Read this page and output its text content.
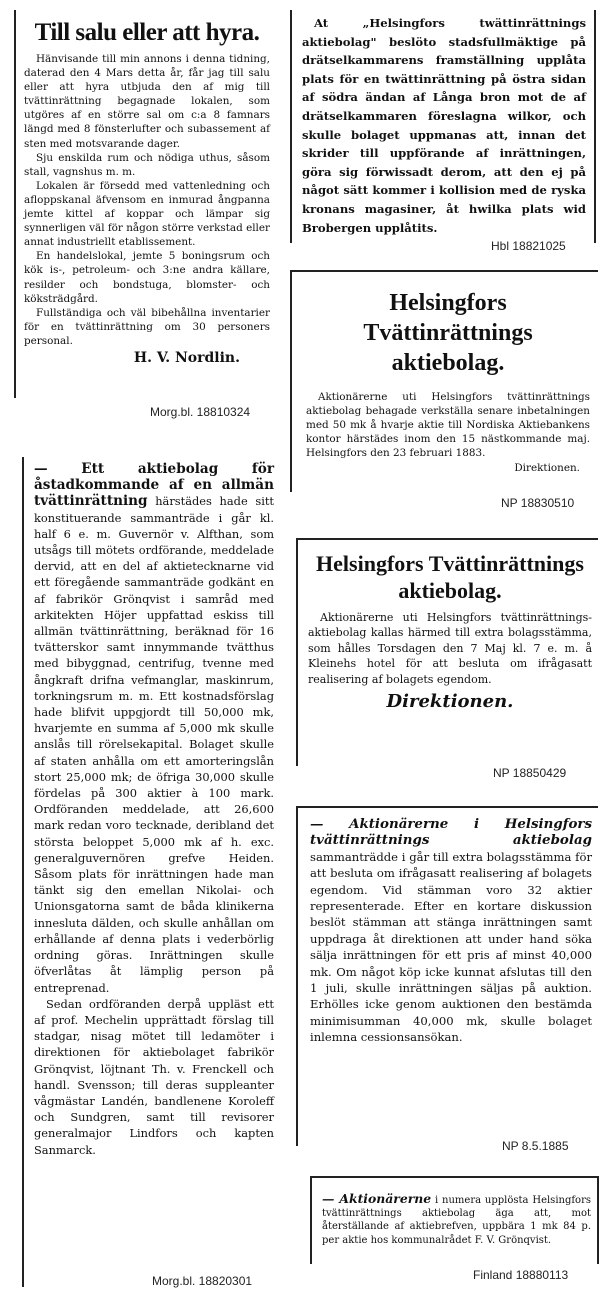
Till salu eller att hyra.

Hänvisande till min annons i denna tidning, daterad den 4 Mars detta år, får jag till salu eller att hyra utbjuda den af mig till tvättinrättning begagnade lokalen, som utgöres af en större sal om c:a 8 famnars längd med 8 fönsterlufter och subassement af sten med motsvarande dager.

Sju enskilda rum och nödiga uthus, såsom stall, vagnshus m. m.

Lokalen är försedd med vattenledning och afloppskanal äfvensom en inmurad ångpanna jemte kittel af koppar och lämpar sig synnerligen väl för någon större verkstad eller annat industriellt etablissement.

En handelslokal, jemte 5 boningsrum och kök is-, petroleum- och 3:ne andra källare, resilder och bondstuga, blomster- och köksträdgård.

Fullständiga och väl bibehållna inventarier för en tvättinrättning om 30 personers personal.

H. V. Nordlin.

Morg.bl. 18810324

At „Helsingfors twättinrättnings aktiebolag" beslöto stadsfullmäktige på drätselkammarens framställning upplåta plats för en twättinrättning på östra sidan af södra ändan af Långa bron mot de af drätselkammaren föreslagna wilkor, och skulle bolaget uppmanas att, innan det skrider till uppförande af inrättningen, göra sig förwissadt derom, att den ej på något sätt kommer i kollision med de ryska kronans magasiner, åt hwilka plats wid Brobergen upplåtits.

Hbl 18821025
Helsingfors Tvättinrättnings aktiebolag.

Aktionärerne uti Helsingfors tvättinrättnings aktiebolag behagade verkställa senare inbetalningen med 50 mk å hvarje aktie till Nordiska Aktiebankens kontor härstädes inom den 15 nästkommande maj. Helsingfors den 23 februari 1883.

Direktionen.

NP 18830510

— Ett aktiebolag för åstadkommande af en allmän tvättinrättning härstädes hade sitt konstituerande sammanträde i går kl. half 6 e. m. Guvernör v. Alfthan, som utsågs till mötets ordförande, meddelade dervid, att en del af aktietecknarne vid ett föregående sammanträde godkänt en af fabrikör Grönqvist i samråd med arkitekten Höjer uppfattad eskiss till allmän tvättinrättning, beräknad för 16 tvätterskor samt innymmande tvätthus med bibyggnad, centrifug, tvenne med ångkraft drifna vefmanglar, maskinrum, torkningsrum m. m. Ett kostnadsförslag hade blifvit uppgjordt till 50,000 mk, hvarjemte en summa af 5,000 mk skulle anslås till rörelsekapital. Bolaget skulle af staten anhålla om ett amorteringslån stort 25,000 mk; de öfriga 30,000 skulle fördelas på 300 aktier à 100 mark. Ordföranden meddelade, att 26,600 mark redan voro tecknade, deribland det största beloppet 5,000 mk af h. exc. generalguvernören grefve Heiden. Såsom plats för inrättningen hade man tänkt sig den emellan Nikolai- och Unionsgatorna samt de båda klinikerna innesluta dälden, och skulle anhållan om erhållande af denna plats i vederbörlig ordning göras. Inrättningen skulle öfverlåtas åt lämplig person på entreprenad.

Sedan ordföranden derpå uppläst ett af prof. Mechelin upprättadt förslag till stadgar, nisag mötet till ledamöter i direktionen för aktiebolaget fabrikör Grönqvist, löjtnant Th. v. Frenckell och handl. Svensson; till deras suppleanter vågmästar Landén, bandlenene Koroleff och Sundgren, samt till revisorer generalmajor Lindfors och kapten Sanmarck.

Morg.bl. 18820301
Helsingfors Tvättinrättnings aktiebolag.

Aktionärerne uti Helsingfors tvättinrättnings-aktiebolag kallas härmed till extra bolagsstämma, som hålles Torsdagen den 7 Maj kl. 7 e. m. å Kleinehs hotel för att besluta om ifrågasatt realisering af bolagets egendom.

Direktionen.

NP 18850429

— Aktionärerne i Helsingfors tvättinrättnings aktiebolag sammanträdde i går till extra bolagsstämma för att besluta om ifrågasatt realisering af bolagets egendom. Vid stämman voro 32 aktier representerade. Efter en kortare diskussion beslöt stämman att stänga inrättningen samt uppdraga åt direktionen att under hand söka sälja inrättningen för ett pris af minst 40,000 mk. Om något köp icke kunnat afslutas till den 1 juli, skulle inrättningen säljas på auktion. Erhölles icke genom auktionen den bestämda minimisumman 40,000 mk, skulle bolaget inlemna cessionsansökan.

NP 8.5.1885

— Aktionärerne i numera upplösta Helsingfors tvättinrättnings aktiebolag äga att, mot återställande af aktiebrefven, uppbära 1 mk 84 p. per aktie hos kommunalrådet F. V. Grönqvist.

Finland 18880113
